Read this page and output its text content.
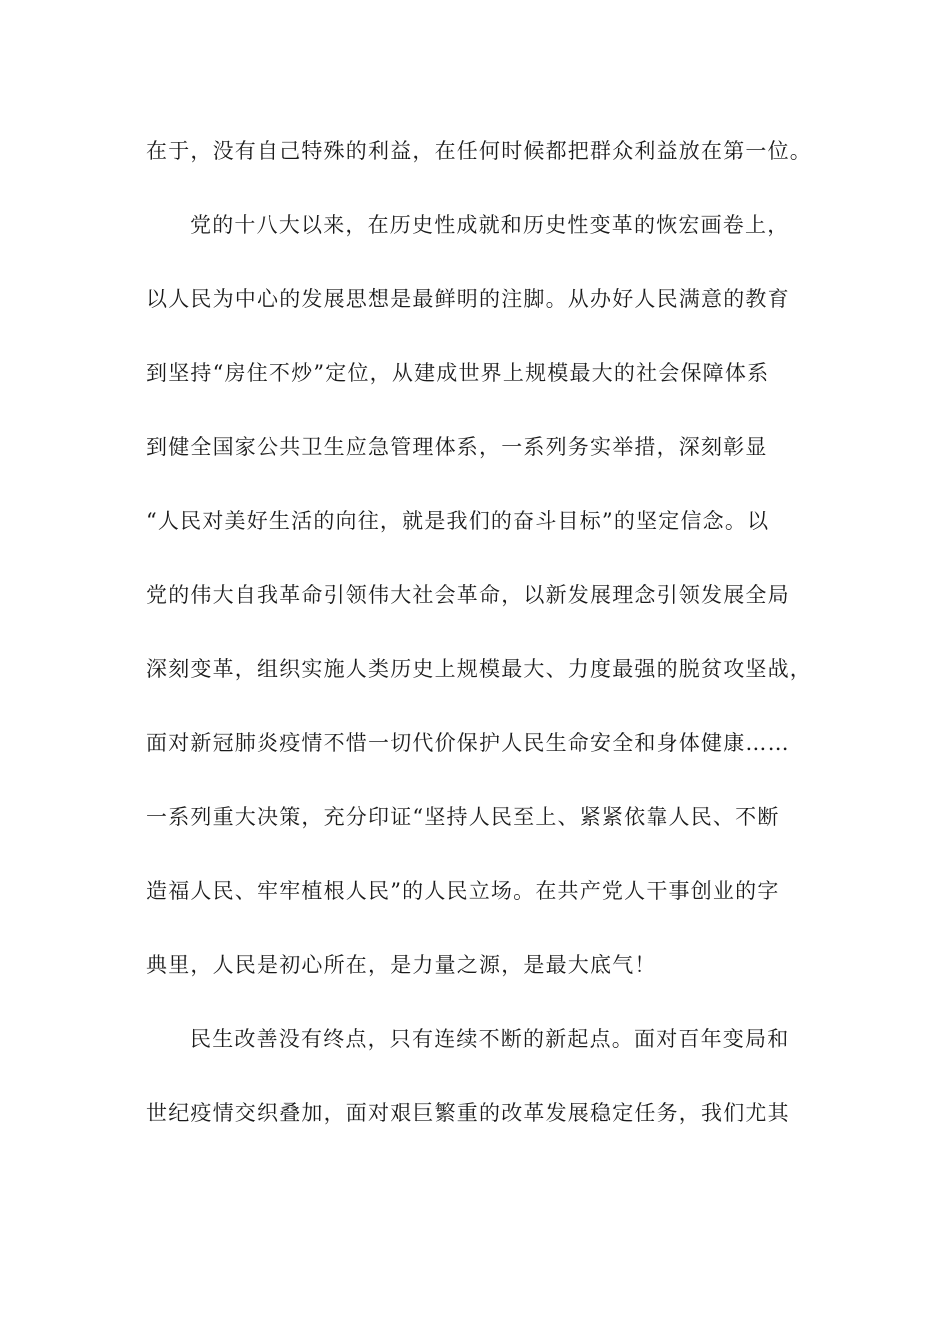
在于，没有自己特殊的利益，在任何时候都把群众利益放在第一位。
党的十八大以来，在历史性成就和历史性变革的恢宏画卷上，
以人民为中心的发展思想是最鲜明的注脚。从办好人民满意的教育
到坚持“房住不炒”定位，从建成世界上规模最大的社会保障体系
到健全国家公共卫生应急管理体系，一系列务实举措，深刻彰显
“人民对美好生活的向往，就是我们的奋斗目标”的坚定信念。以
党的伟大自我革命引领伟大社会革命，以新发展理念引领发展全局
深刻变革，组织实施人类历史上规模最大、力度最强的脱贫攻坚战，
面对新冠肺炎疫情不惜一切代价保护人民生命安全和身体健康……
一系列重大决策，充分印证“坚持人民至上、紧紧依靠人民、不断
造福人民、牢牢植根人民”的人民立场。在共产党人干事创业的字
典里，人民是初心所在，是力量之源，是最大底气！
民生改善没有终点，只有连续不断的新起点。面对百年变局和
世纪疫情交织叠加，面对艰巨繁重的改革发展稳定任务，我们尤其
